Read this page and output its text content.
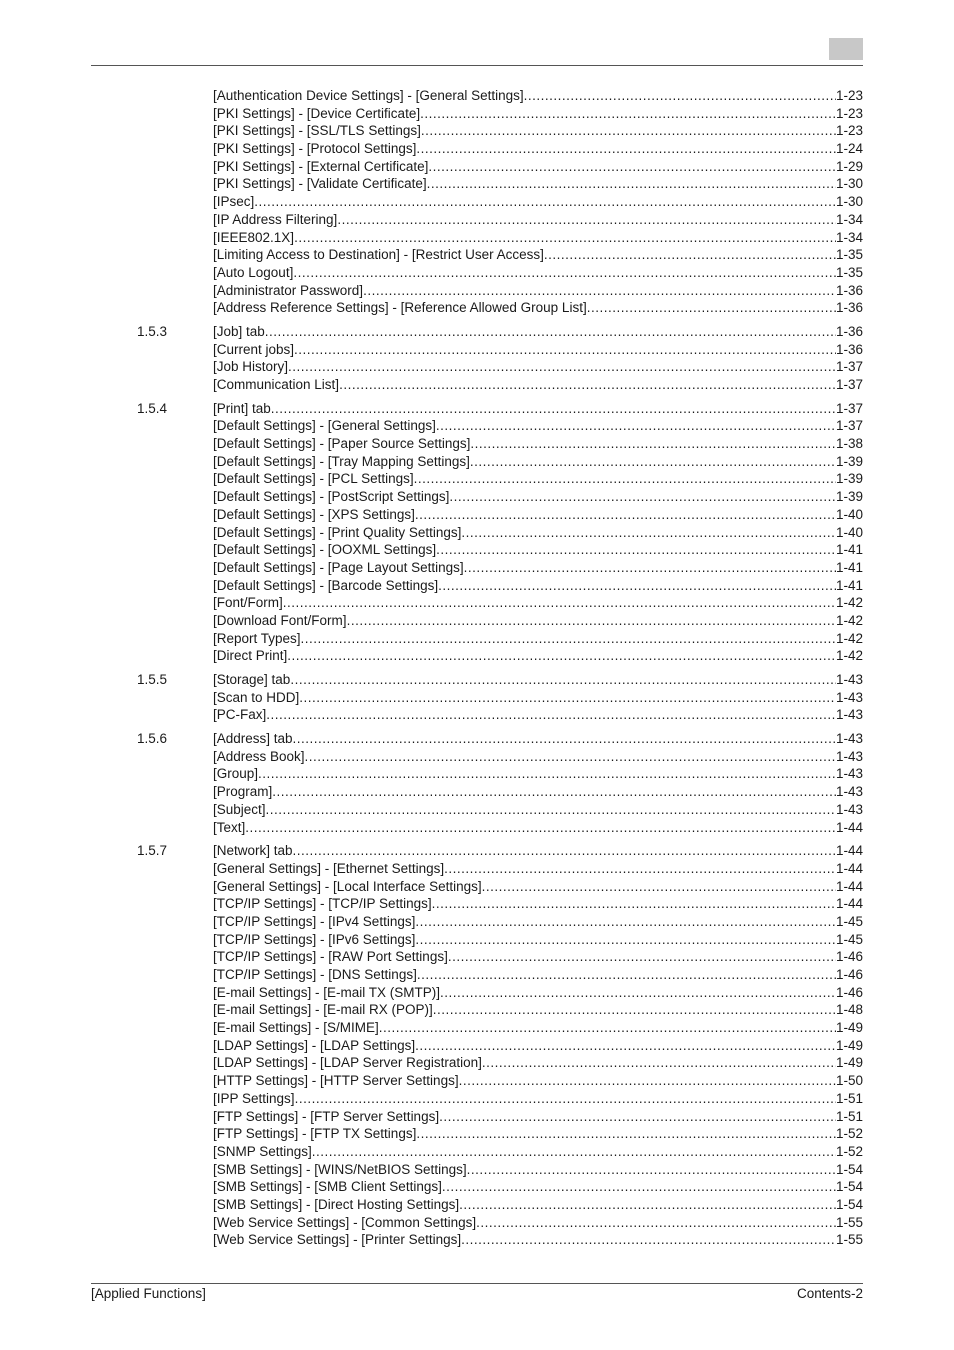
[Authentication Device Settings] - [General Settings] .....	1-23
[PKI Settings] - [Device Certificate] .....	1-23
[PKI Settings] - [SSL/TLS Settings] .....	1-23
[PKI Settings] - [Protocol Settings] .....	1-24
[PKI Settings] - [External Certificate] .....	1-29
[PKI Settings] - [Validate Certificate] .....	1-30
[IPsec] .....	1-30
[IP Address Filtering] .....	1-34
[IEEE802.1X] .....	1-34
[Limiting Access to Destination] - [Restrict User Access] .....	1-35
[Auto Logout] .....	1-35
[Administrator Password] .....	1-36
[Address Reference Settings] - [Reference Allowed Group List] .....	1-36
1.5.3	[Job] tab .....	1-36
[Current jobs] .....	1-36
[Job History] .....	1-37
[Communication List] .....	1-37
1.5.4	[Print] tab .....	1-37
[Default Settings] - [General Settings] .....	1-37
[Default Settings] - [Paper Source Settings] .....	1-38
[Default Settings] - [Tray Mapping Settings] .....	1-39
[Default Settings] - [PCL Settings] .....	1-39
[Default Settings] - [PostScript Settings] .....	1-39
[Default Settings] - [XPS Settings] .....	1-40
[Default Settings] - [Print Quality Settings] .....	1-40
[Default Settings] - [OOXML Settings] .....	1-41
[Default Settings] - [Page Layout Settings] .....	1-41
[Default Settings] - [Barcode Settings] .....	1-41
[Font/Form] .....	1-42
[Download Font/Form] .....	1-42
[Report Types] .....	1-42
[Direct Print] .....	1-42
1.5.5	[Storage] tab .....	1-43
[Scan to HDD] .....	1-43
[PC-Fax] .....	1-43
1.5.6	[Address] tab .....	1-43
[Address Book] .....	1-43
[Group] .....	1-43
[Program] .....	1-43
[Subject] .....	1-43
[Text] .....	1-44
1.5.7	[Network] tab .....	1-44
[General Settings] - [Ethernet Settings] .....	1-44
[General Settings] - [Local Interface Settings] .....	1-44
[TCP/IP Settings] - [TCP/IP Settings] .....	1-44
[TCP/IP Settings] - [IPv4 Settings] .....	1-45
[TCP/IP Settings] - [IPv6 Settings] .....	1-45
[TCP/IP Settings] - [RAW Port Settings] .....	1-46
[TCP/IP Settings] - [DNS Settings] .....	1-46
[E-mail Settings] - [E-mail TX (SMTP)] .....	1-46
[E-mail Settings] - [E-mail RX (POP)] .....	1-48
[E-mail Settings] - [S/MIME] .....	1-49
[LDAP Settings] - [LDAP Settings] .....	1-49
[LDAP Settings] - [LDAP Server Registration] .....	1-49
[HTTP Settings] - [HTTP Server Settings] .....	1-50
[IPP Settings] .....	1-51
[FTP Settings] - [FTP Server Settings] .....	1-51
[FTP Settings] - [FTP TX Settings] .....	1-52
[SNMP Settings] .....	1-52
[SMB Settings] - [WINS/NetBIOS Settings] .....	1-54
[SMB Settings] - [SMB Client Settings] .....	1-54
[SMB Settings] - [Direct Hosting Settings] .....	1-54
[Web Service Settings] - [Common Settings] .....	1-55
[Web Service Settings] - [Printer Settings] .....	1-55
[Applied Functions]	Contents-2
